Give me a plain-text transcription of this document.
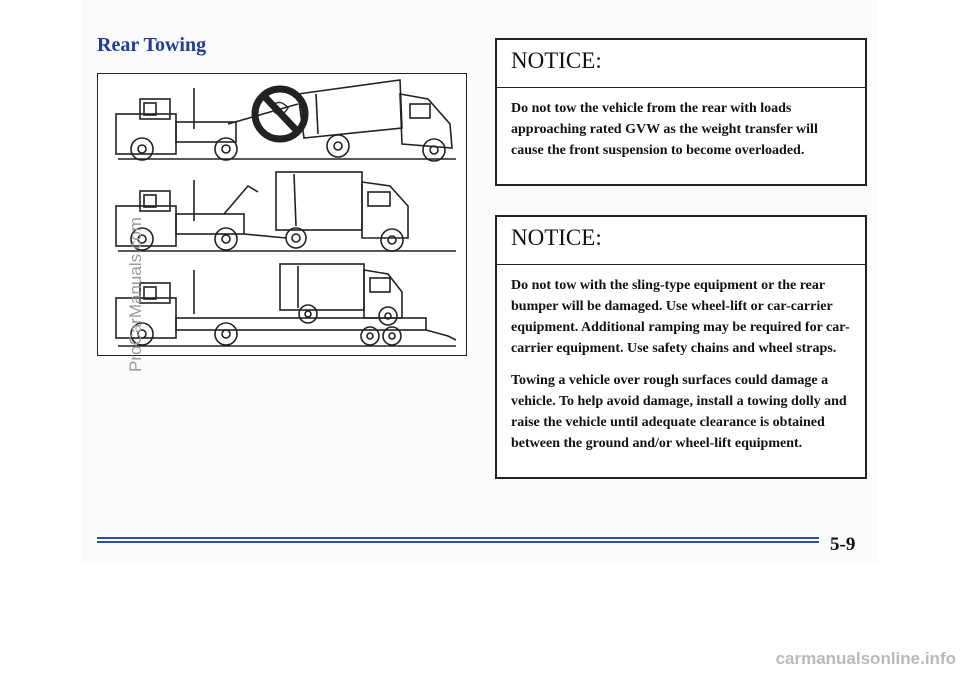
Rear Towing
NOTICE:

Do not tow the vehicle from the rear with loads approaching rated GVW as the weight transfer will cause the front suspension to become overloaded.

NOTICE:

Do not tow with the sling-type equipment or the rear bumper will be damaged. Use wheel-lift or car-carrier equipment. Additional ramping may be required for car-carrier equipment. Use safety chains and wheel straps.

Towing a vehicle over rough surfaces could damage a vehicle. To help avoid damage, install a towing dolly and raise the vehicle until adequate clearance is obtained between the ground and/or wheel-lift equipment.

5-9
ProCarManuals.com
carmanualsonline.info
